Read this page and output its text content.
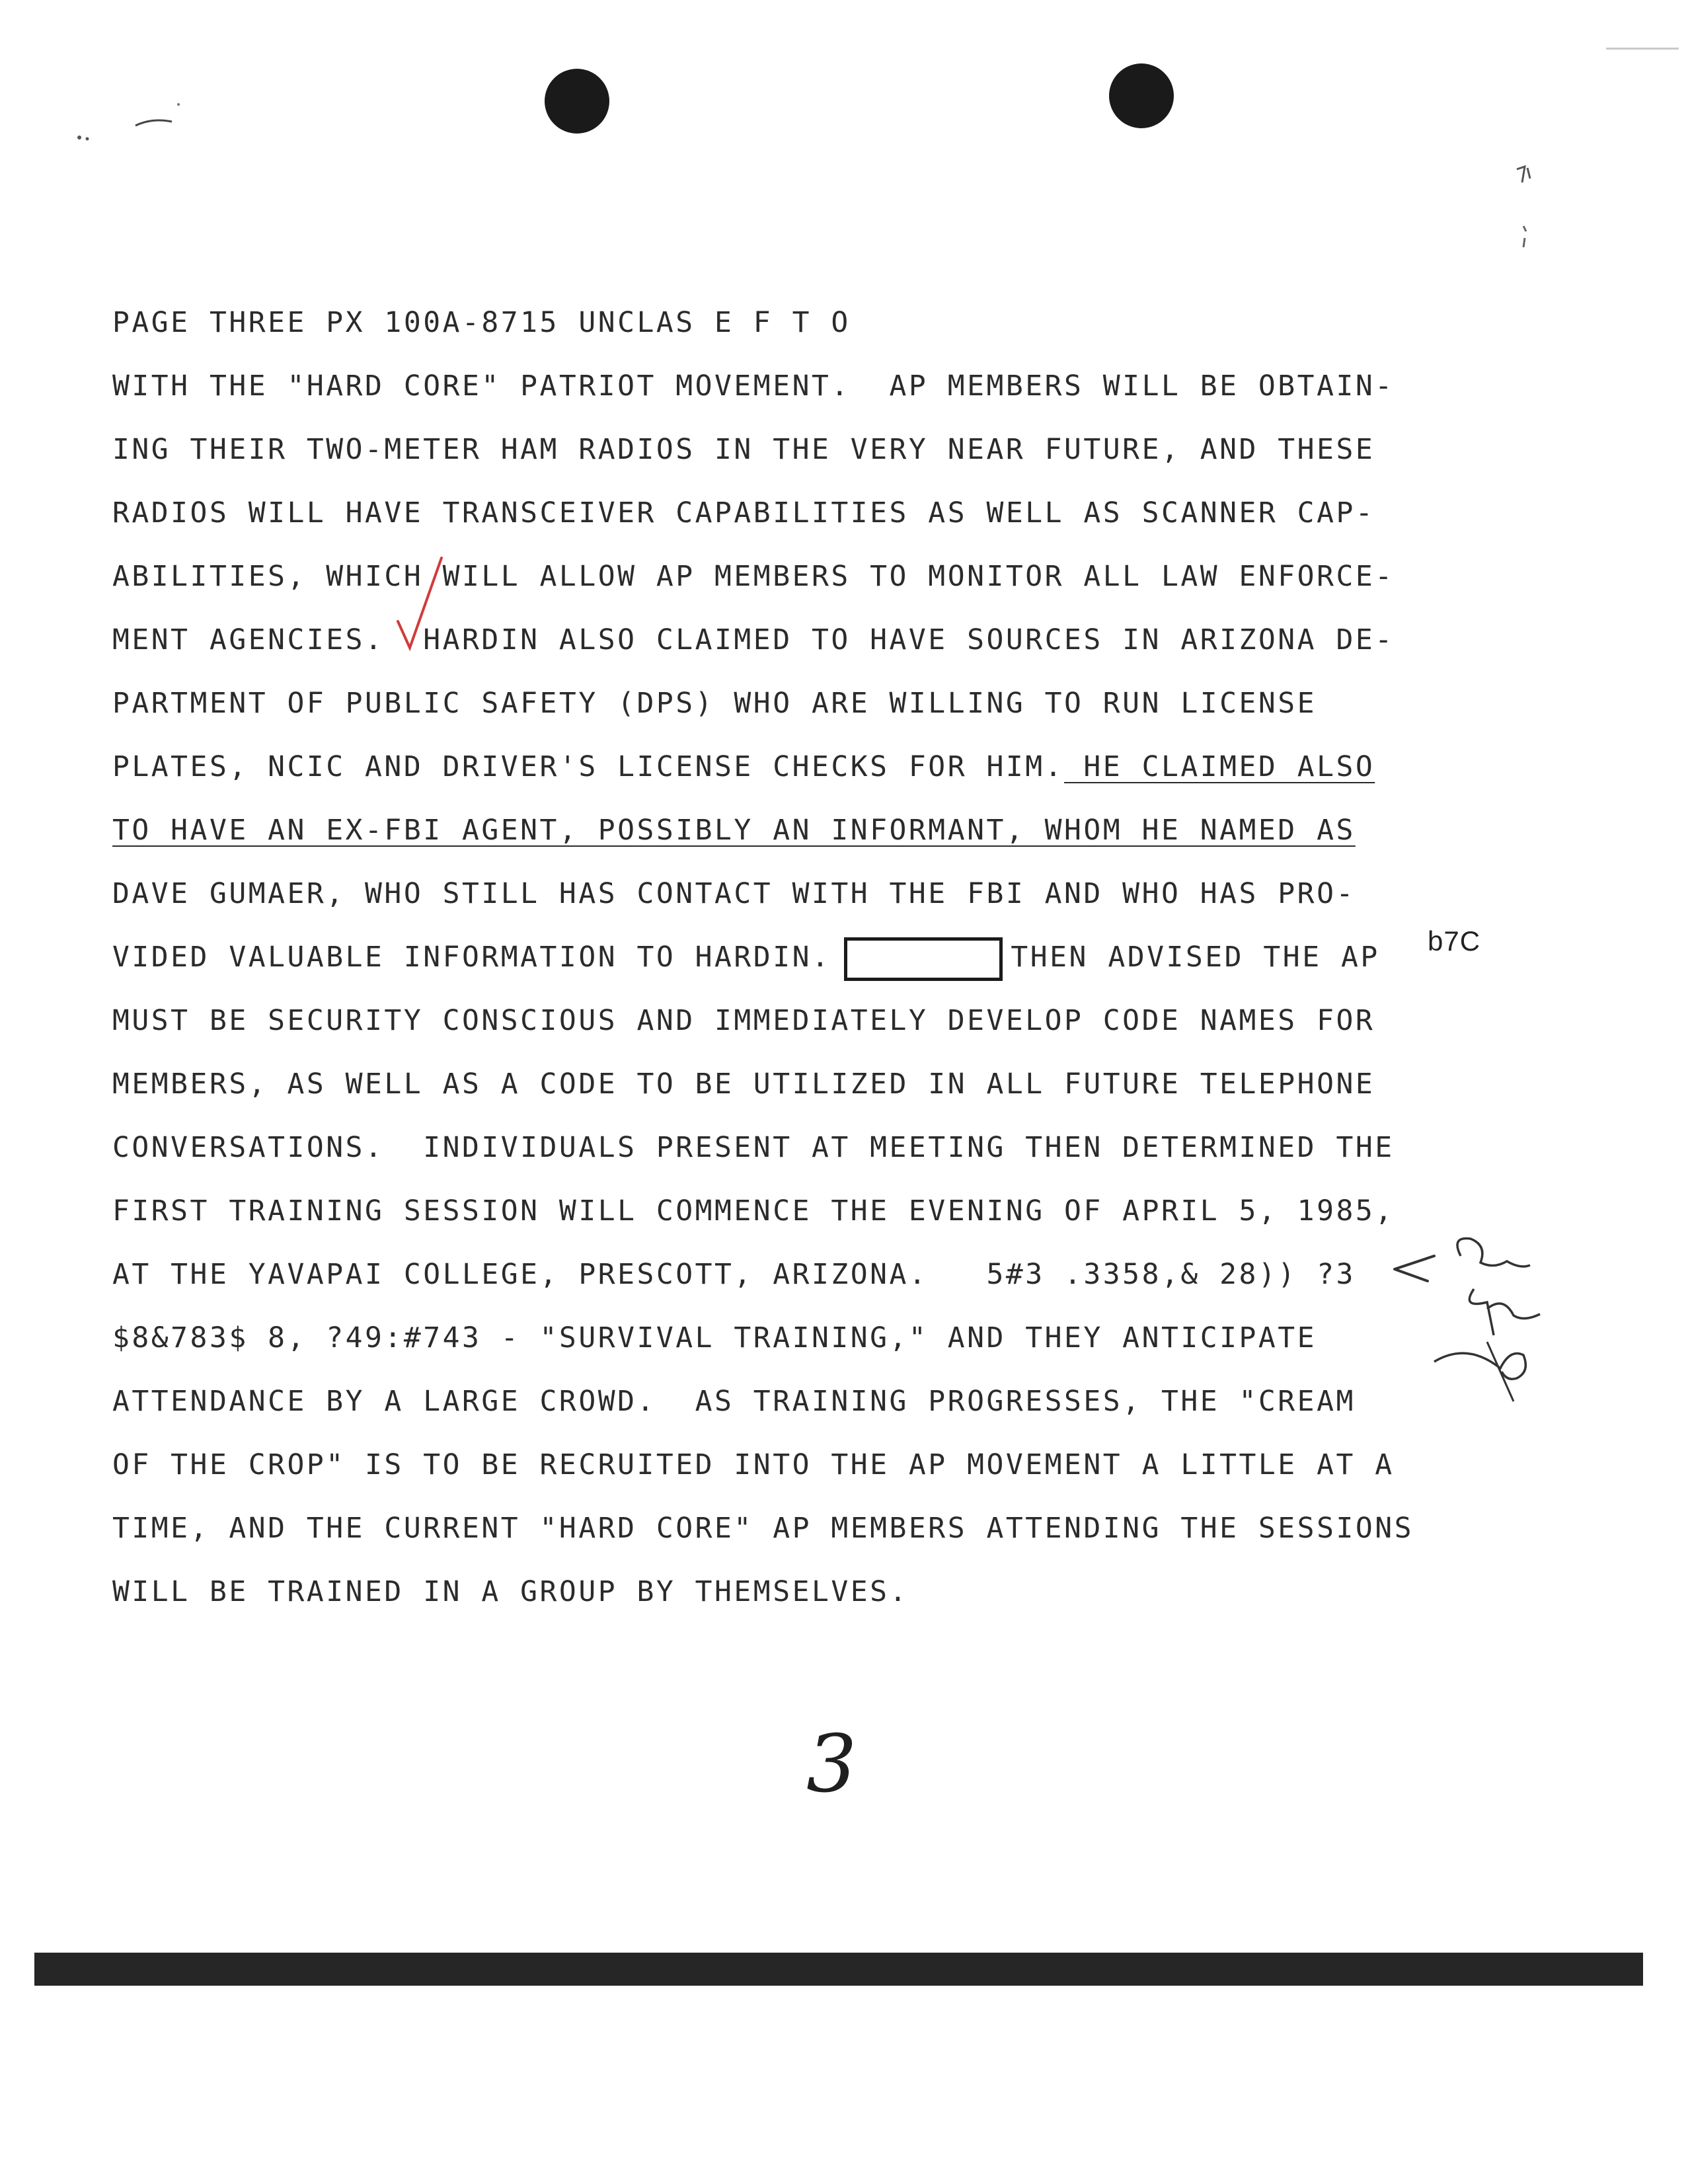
PAGE THREE PX 100A-8715 UNCLAS E F T O
WITH THE "HARD CORE" PATRIOT MOVEMENT.  AP MEMBERS WILL BE OBTAIN-
ING THEIR TWO-METER HAM RADIOS IN THE VERY NEAR FUTURE, AND THESE
RADIOS WILL HAVE TRANSCEIVER CAPABILITIES AS WELL AS SCANNER CAP-
ABILITIES, WHICH WILL ALLOW AP MEMBERS TO MONITOR ALL LAW ENFORCE-
MENT AGENCIES.  HARDIN ALSO CLAIMED TO HAVE SOURCES IN ARIZONA DE-
PARTMENT OF PUBLIC SAFETY (DPS) WHO ARE WILLING TO RUN LICENSE
PLATES, NCIC AND DRIVER'S LICENSE CHECKS FOR HIM. HE CLAIMED ALSO
TO HAVE AN EX-FBI AGENT, POSSIBLY AN INFORMANT, WHOM HE NAMED AS
DAVE GUMAER, WHO STILL HAS CONTACT WITH THE FBI AND WHO HAS PRO-
VIDED VALUABLE INFORMATION TO HARDIN.	THEN ADVISED THE AP
MUST BE SECURITY CONSCIOUS AND IMMEDIATELY DEVELOP CODE NAMES FOR
MEMBERS, AS WELL AS A CODE TO BE UTILIZED IN ALL FUTURE TELEPHONE
CONVERSATIONS.  INDIVIDUALS PRESENT AT MEETING THEN DETERMINED THE
FIRST TRAINING SESSION WILL COMMENCE THE EVENING OF APRIL 5, 1985,
AT THE YAVAPAI COLLEGE, PRESCOTT, ARIZONA.   5#3 .3358,& 28)) ?3
$8&783$ 8, ?49:#743 - "SURVIVAL TRAINING," AND THEY ANTICIPATE
ATTENDANCE BY A LARGE CROWD.  AS TRAINING PROGRESSES, THE "CREAM
OF THE CROP" IS TO BE RECRUITED INTO THE AP MOVEMENT A LITTLE AT A
TIME, AND THE CURRENT "HARD CORE" AP MEMBERS ATTENDING THE SESSIONS
WILL BE TRAINED IN A GROUP BY THEMSELVES.
b7C
3
